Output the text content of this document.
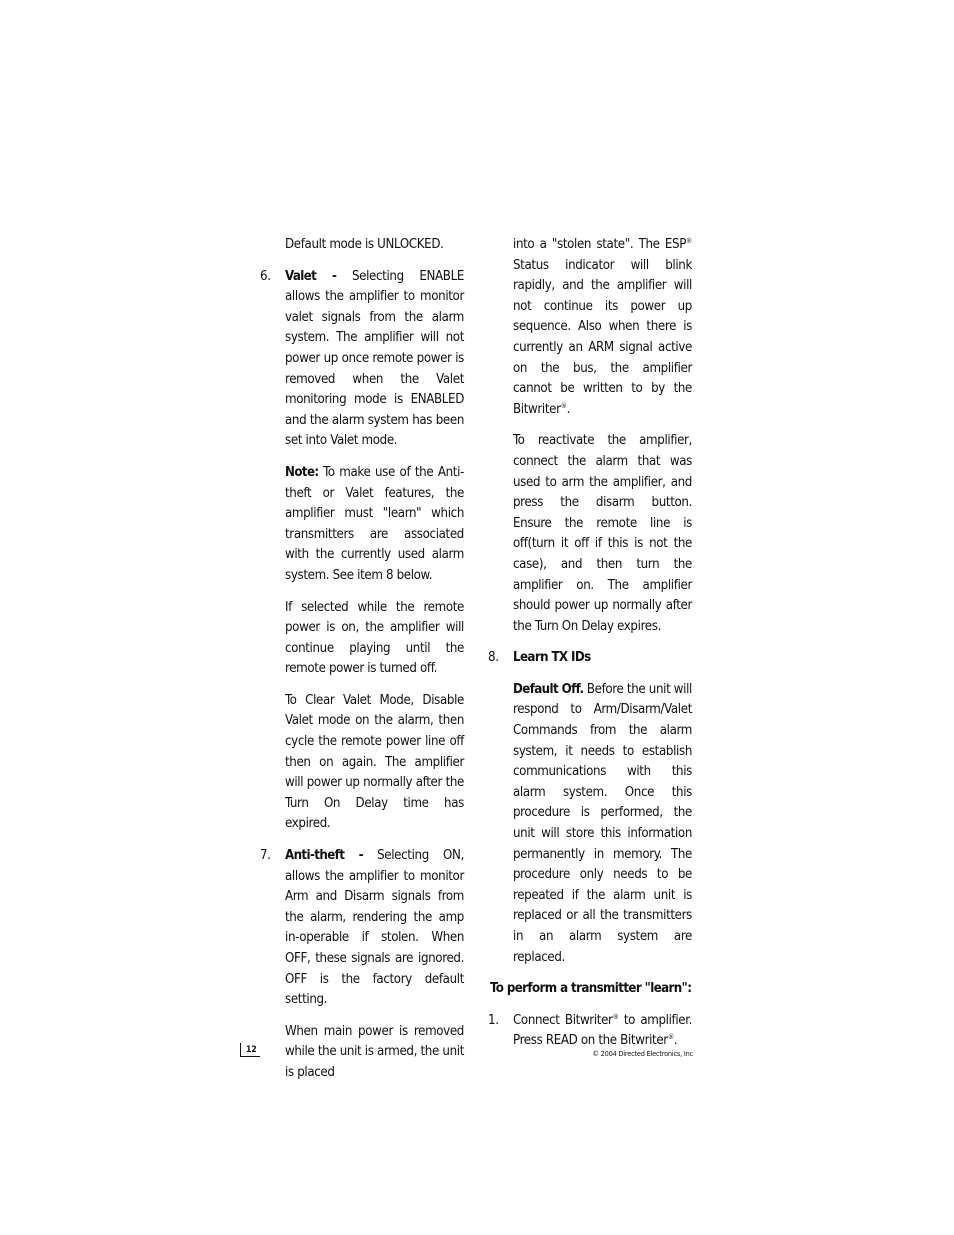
Default mode is UNLOCKED.

6. Valet - Selecting ENABLE allows the amplifier to monitor valet signals from the alarm system. The amplifier will not power up once remote power is removed when the Valet monitoring mode is ENABLED and the alarm system has been set into Valet mode.

Note: To make use of the Anti-theft or Valet features, the amplifier must "learn" which transmitters are associated with the currently used alarm system. See item 8 below.

If selected while the remote power is on, the amplifier will continue playing until the remote power is turned off.

To Clear Valet Mode, Disable Valet mode on the alarm, then cycle the remote power line off then on again. The amplifier will power up normally after the Turn On Delay time has expired.

7. Anti-theft - Selecting ON, allows the amplifier to monitor Arm and Disarm signals from the alarm, rendering the amp in-operable if stolen. When OFF, these signals are ignored. OFF is the factory default setting.

When main power is removed while the unit is armed, the unit is placed

into a "stolen state". The ESP® Status indicator will blink rapidly, and the amplifier will not continue its power up sequence. Also when there is currently an ARM signal active on the bus, the amplifier cannot be written to by the Bitwriter®.

To reactivate the amplifier, connect the alarm that was used to arm the amplifier, and press the disarm button. Ensure the remote line is off(turn it off if this is not the case), and then turn the amplifier on. The amplifier should power up normally after the Turn On Delay expires.

8. Learn TX IDs

Default Off. Before the unit will respond to Arm/Disarm/Valet Commands from the alarm system, it needs to establish communications with this alarm system. Once this procedure is performed, the unit will store this information permanently in memory. The procedure only needs to be repeated if the alarm unit is replaced or all the transmitters in an alarm system are replaced.

To perform a transmitter "learn":

1. Connect Bitwriter® to amplifier. Press READ on the Bitwriter®.
12	© 2004 Directed Electronics, Inc
